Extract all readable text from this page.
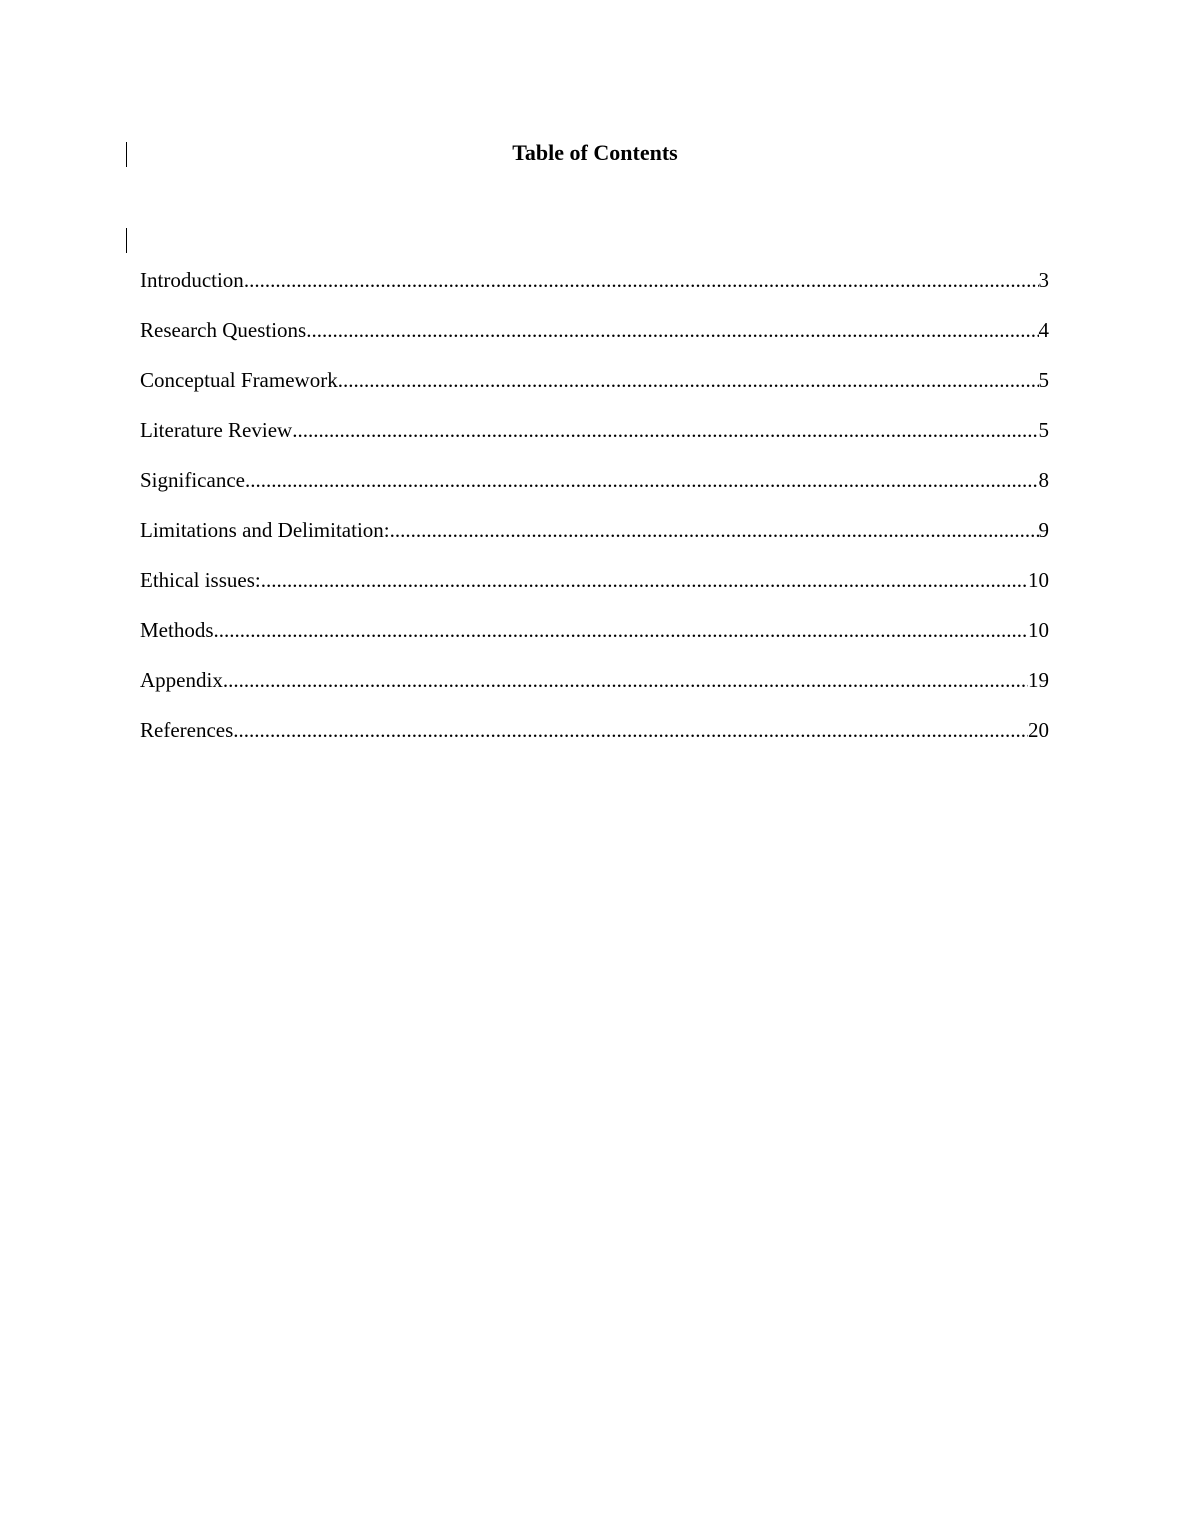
Table of Contents
Introduction .....	3
Research Questions .....	4
Conceptual Framework .....	5
Literature Review .....	5
Significance .....	8
Limitations and Delimitation: .....	9
Ethical issues: .....	10
Methods .....	10
Appendix .....	19
References .....	20
